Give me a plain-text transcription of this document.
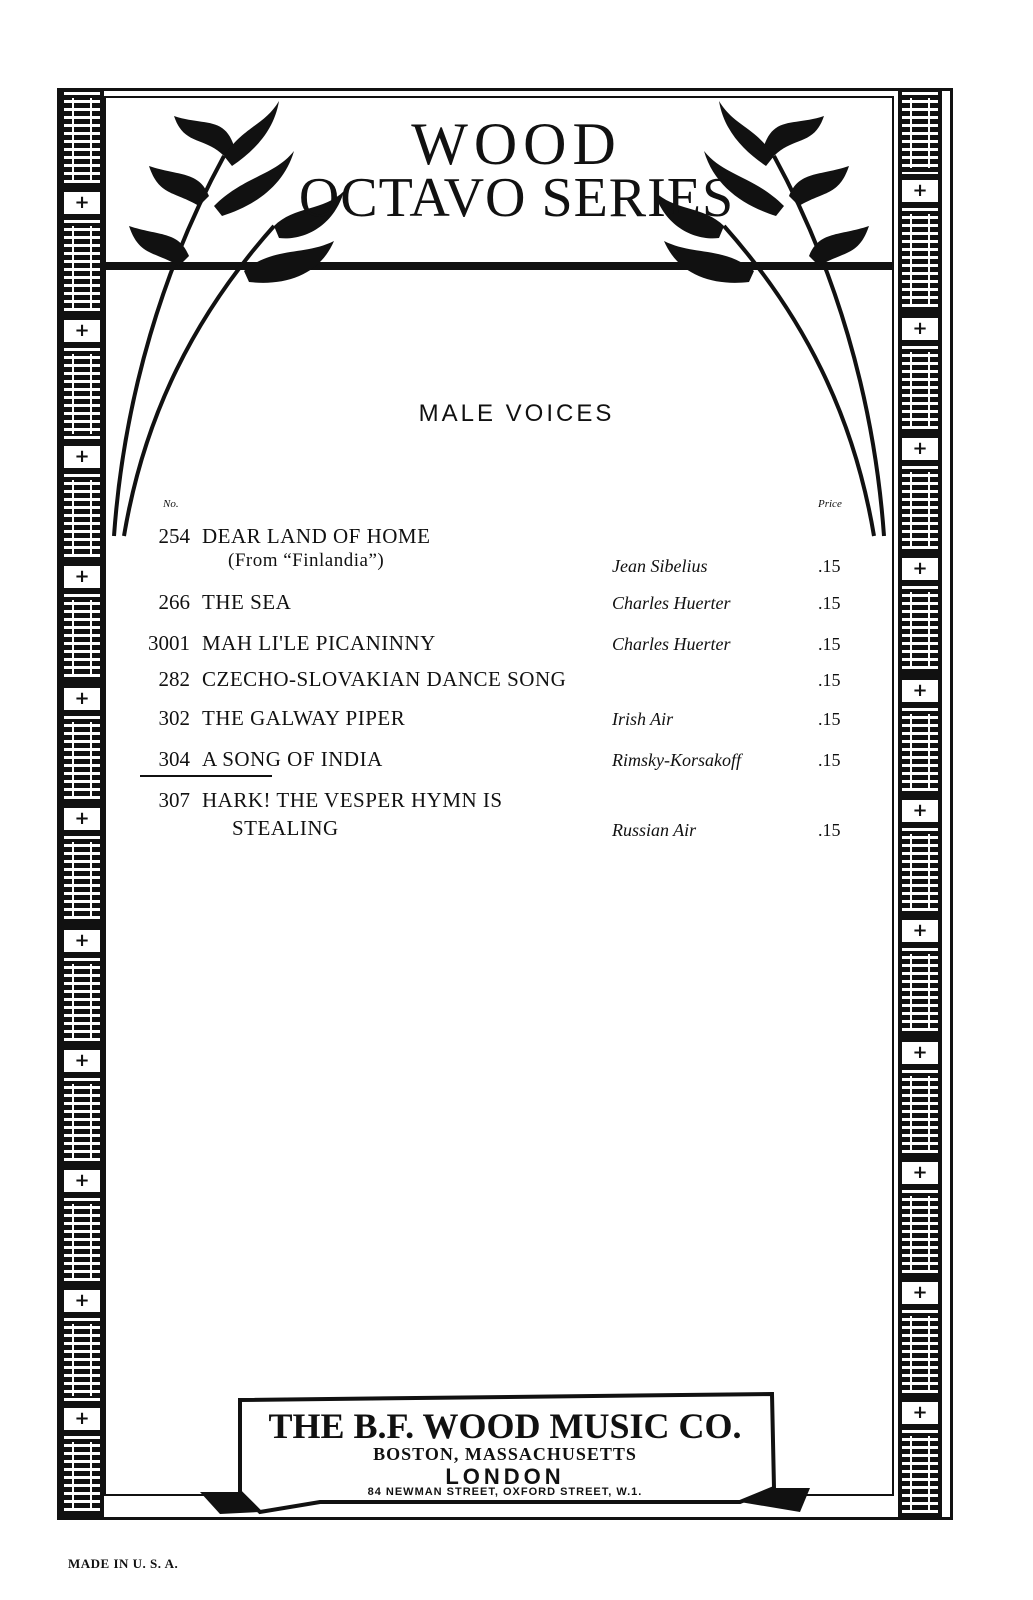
+
+
+
+
+
+
+
+
+
+
+
+
+
+
+
+
+
+
+
+
+
+
WOOD
OCTAVO SERIES
MALE VOICES
No.	Price
254 DEAR LAND OF HOME
(From “Finlandia”)	Jean Sibelius	.15
266 THE SEA	Charles Huerter	.15
3001 MAH LI'LE PICANINNY	Charles Huerter	.15
282 CZECHO-SLOVAKIAN DANCE SONG	.15
302 THE GALWAY PIPER	Irish Air	.15
304 A SONG OF INDIA	Rimsky-Korsakoff	.15
307 HARK! THE VESPER HYMN IS
STEALING	Russian Air	.15
THE B.F. WOOD MUSIC CO.
BOSTON, MASSACHUSETTS
LONDON
84 NEWMAN STREET, OXFORD STREET, W.1.
MADE IN U. S. A.
